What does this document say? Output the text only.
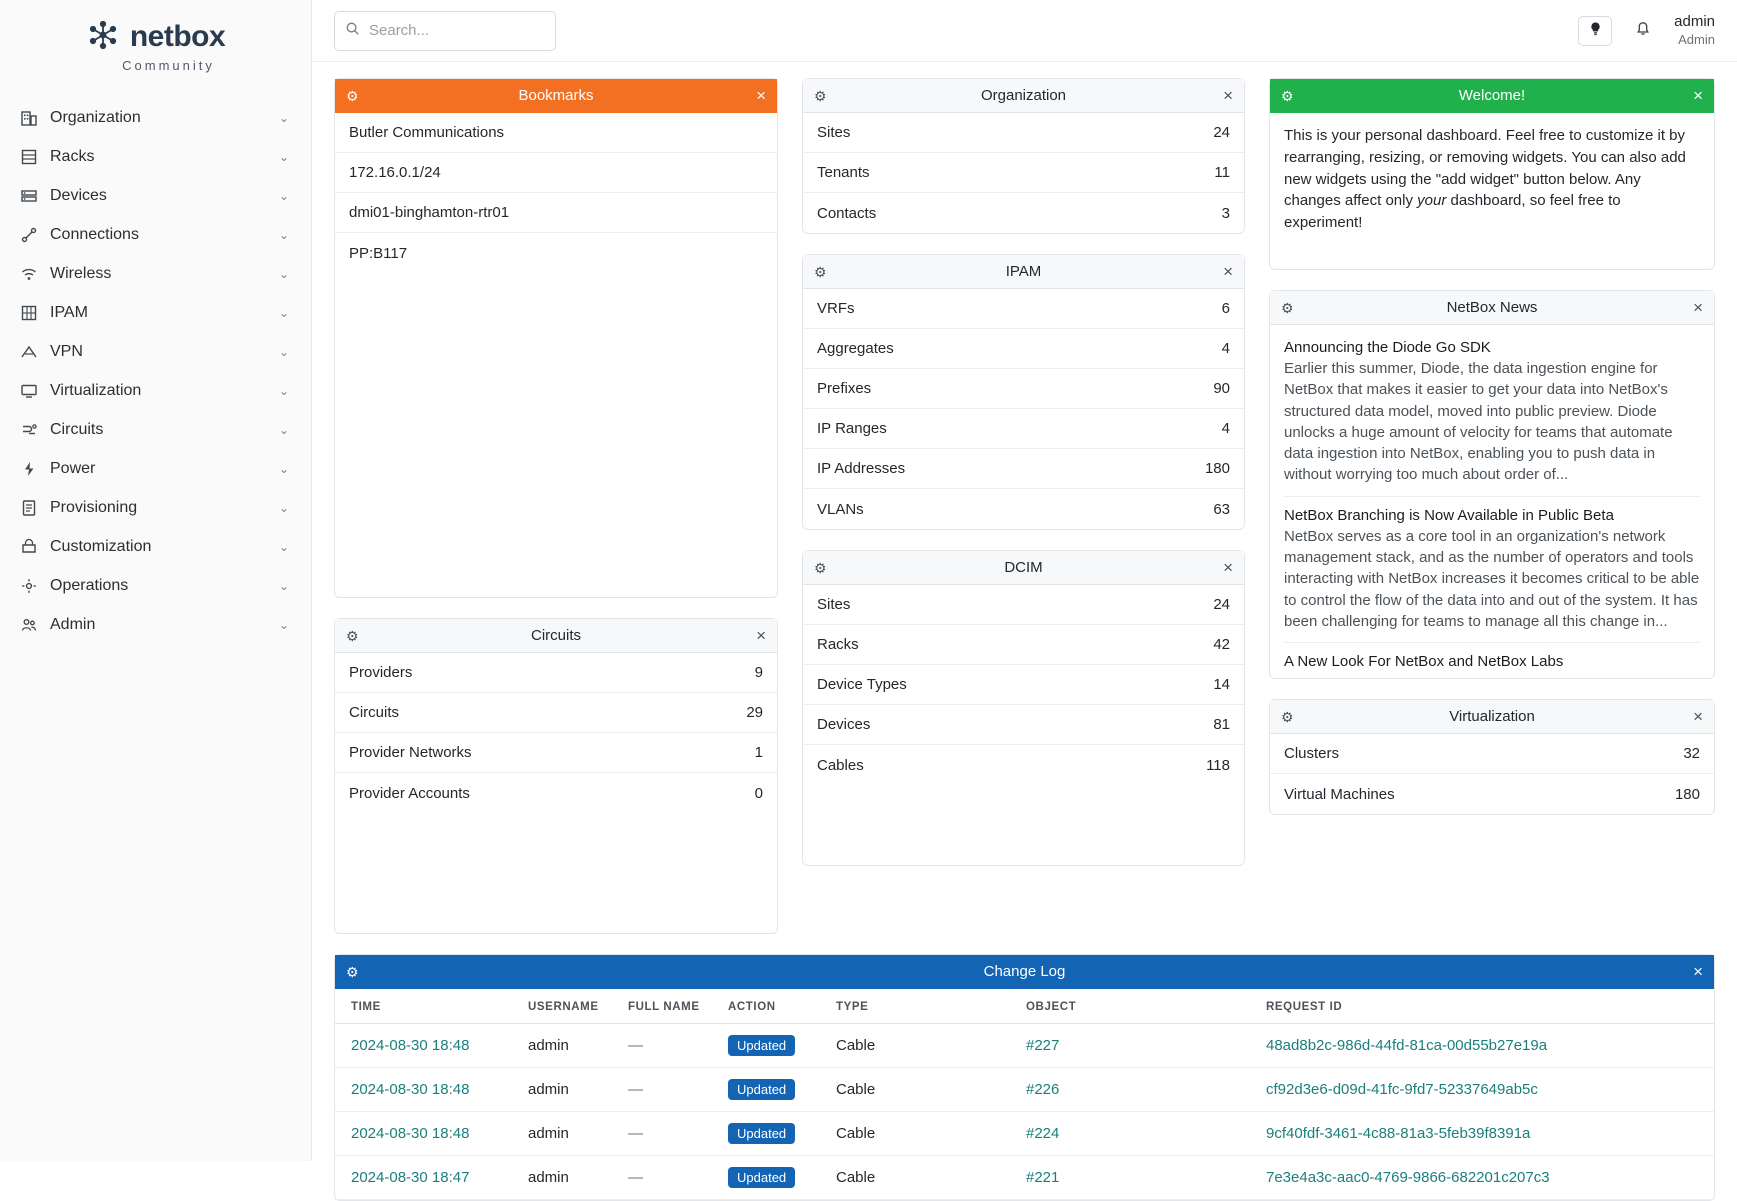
netbox
Community
Organization	⌄
Racks	⌄
Devices	⌄
Connections	⌄
Wireless	⌄
IPAM	⌄
VPN	⌄
Virtualization	⌄
Circuits	⌄
Power	⌄
Provisioning	⌄
Customization	⌄
Operations	⌄
Admin	⌄
Search...
admin
Admin
⚙	Bookmarks	×
Butler Communications
172.16.0.1/24
dmi01-binghamton-rtr01
PP:B117
⚙	Circuits	×
Providers	9
Circuits	29
Provider Networks	1
Provider Accounts	0
⚙	Organization	×
Sites	24
Tenants	11
Contacts	3
⚙	IPAM	×
VRFs	6
Aggregates	4
Prefixes	90
IP Ranges	4
IP Addresses	180
VLANs	63
⚙	DCIM	×
Sites	24
Racks	42
Device Types	14
Devices	81
Cables	118
⚙	Welcome!	×
This is your personal dashboard. Feel free to customize it by rearranging, resizing, or removing widgets. You can also add new widgets using the "add widget" button below. Any changes affect only your dashboard, so feel free to experiment!
⚙	NetBox News	×
Announcing the Diode Go SDK
Earlier this summer, Diode, the data ingestion engine for NetBox that makes it easier to get your data into NetBox's structured data model, moved into public preview. Diode unlocks a huge amount of velocity for teams that automate data ingestion into NetBox, enabling you to push data in without worrying too much about order of...
NetBox Branching is Now Available in Public Beta
NetBox serves as a core tool in an organization's network management stack, and as the number of operators and tools interacting with NetBox increases it becomes critical to be able to control the flow of the data into and out of the system. It has been challenging for teams to manage all this change in...
A New Look For NetBox and NetBox Labs
⚙	Virtualization	×
Clusters	32
Virtual Machines	180
⚙	Change Log	×
TIME	USERNAME	FULL NAME	ACTION	TYPE	OBJECT	REQUEST ID
2024-08-30 18:48	admin	—	Updated	Cable	#227	48ad8b2c-986d-44fd-81ca-00d55b27e19a
2024-08-30 18:48	admin	—	Updated	Cable	#226	cf92d3e6-d09d-41fc-9fd7-52337649ab5c
2024-08-30 18:48	admin	—	Updated	Cable	#224	9cf40fdf-3461-4c88-81a3-5feb39f8391a
2024-08-30 18:47	admin	—	Updated	Cable	#221	7e3e4a3c-aac0-4769-9866-682201c207c3
